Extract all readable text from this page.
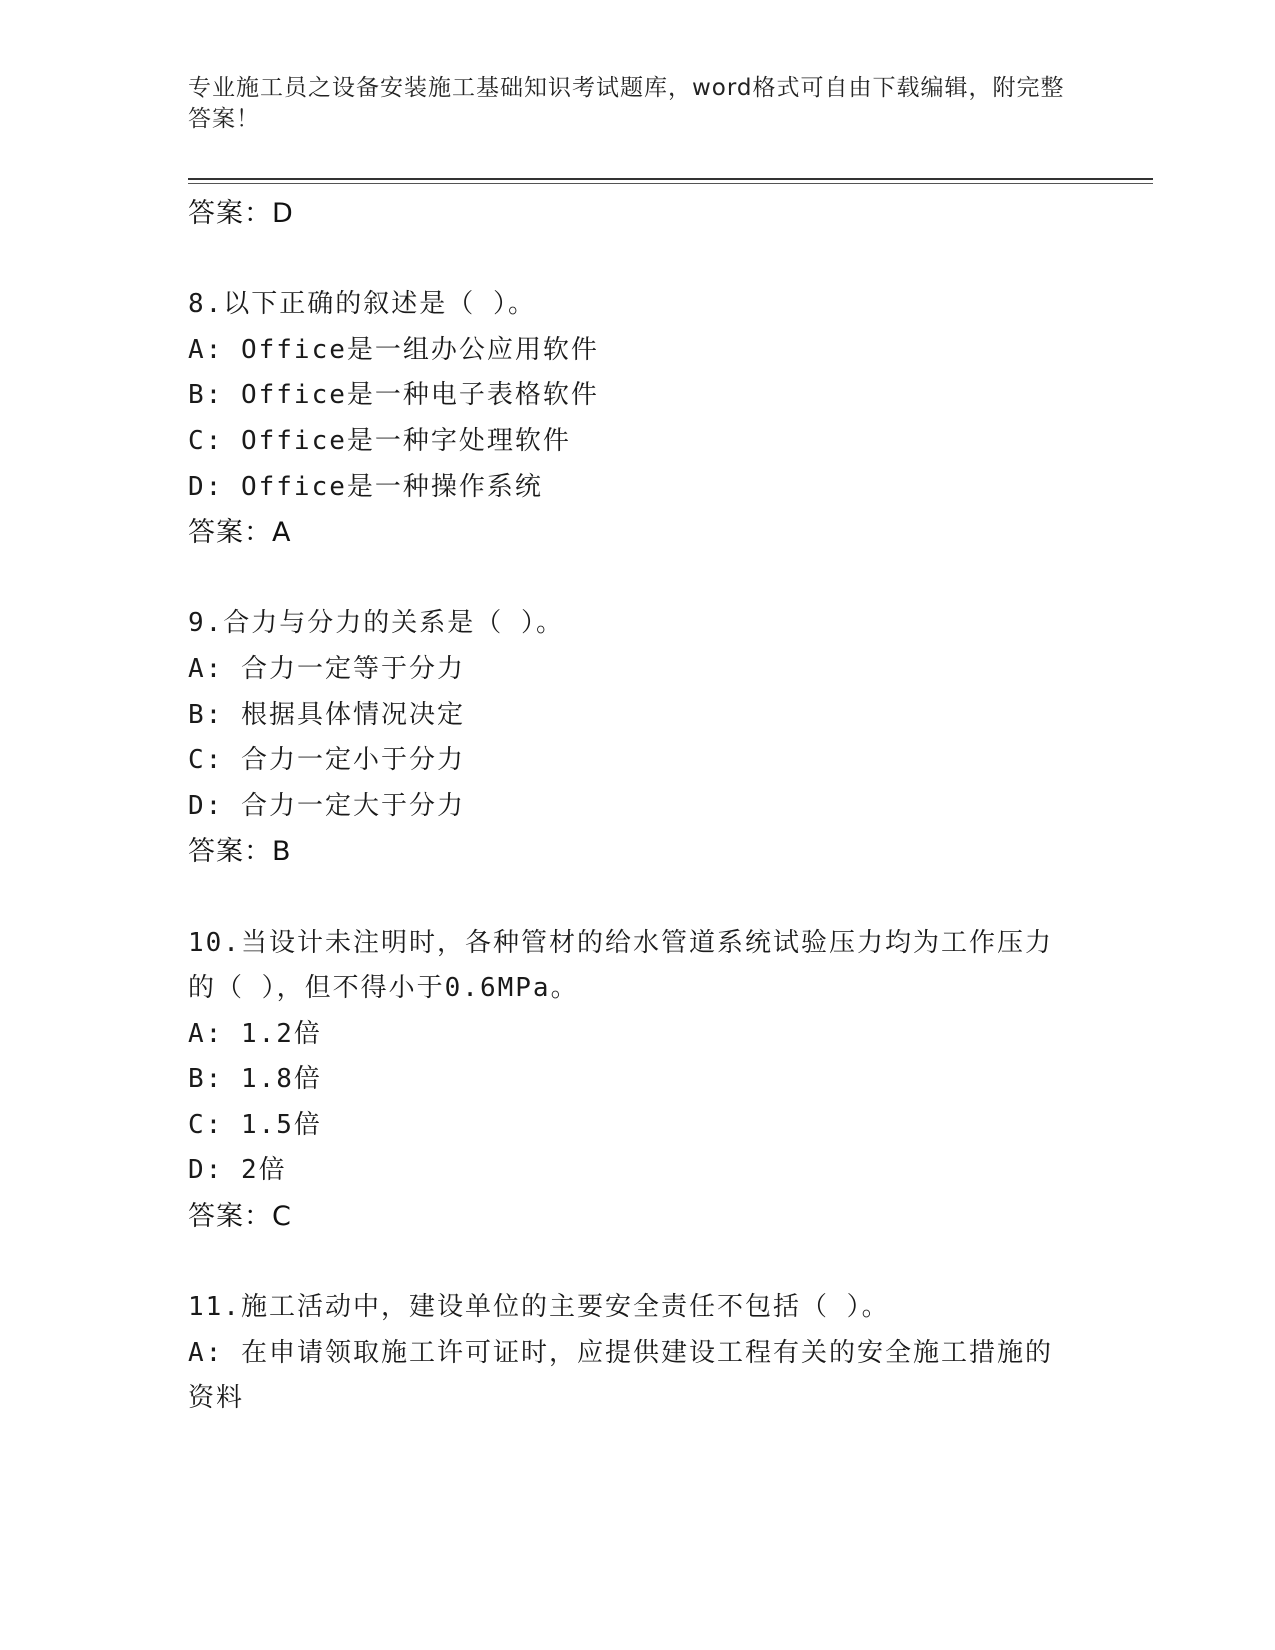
专业施工员之设备安装施工基础知识考试题库，word格式可自由下载编辑，附完整答案！
答案：D
8.以下正确的叙述是（ ）。
A: Office是一组办公应用软件
B: Office是一种电子表格软件
C: Office是一种字处理软件
D: Office是一种操作系统
答案：A
9.合力与分力的关系是（ ）。
A: 合力一定等于分力
B: 根据具体情况决定
C: 合力一定小于分力
D: 合力一定大于分力
答案：B
10.当设计未注明时，各种管材的给水管道系统试验压力均为工作压力的（ ），但不得小于0.6MPa。
A: 1.2倍
B: 1.8倍
C: 1.5倍
D: 2倍
答案：C
11.施工活动中，建设单位的主要安全责任不包括（ ）。
A: 在申请领取施工许可证时，应提供建设工程有关的安全施工措施的资料
